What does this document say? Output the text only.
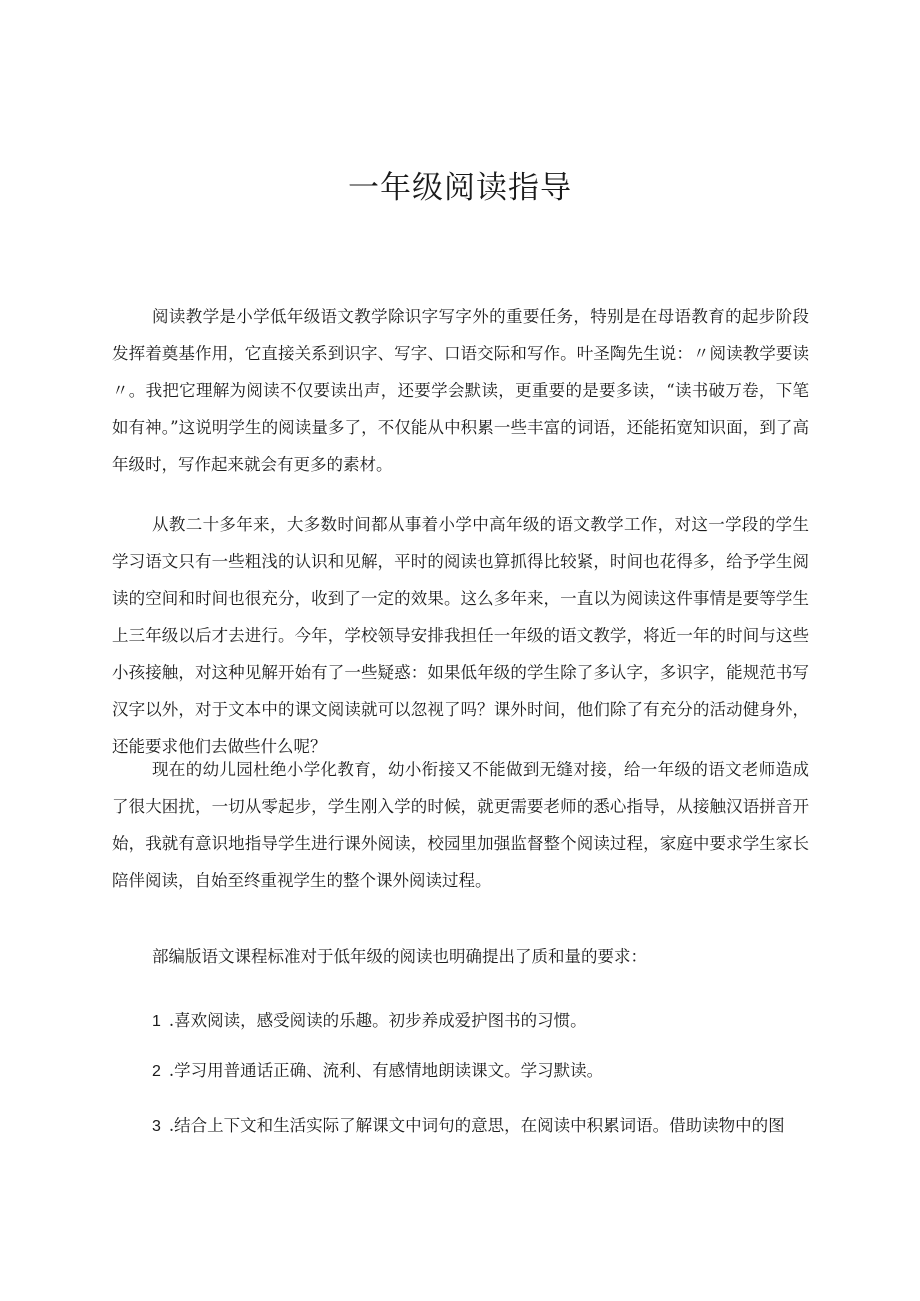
一年级阅读指导

阅读教学是小学低年级语文教学除识字写字外的重要任务，特别是在母语教育的起步阶段发挥着奠基作用，它直接关系到识字、写字、口语交际和写作。叶圣陶先生说：〃阅读教学要读〃。我把它理解为阅读不仅要读出声，还要学会默读，更重要的是要多读，“读书破万卷，下笔如有神。”这说明学生的阅读量多了，不仅能从中积累一些丰富的词语，还能拓宽知识面，到了高年级时，写作起来就会有更多的素材。

从教二十多年来，大多数时间都从事着小学中高年级的语文教学工作，对这一学段的学生学习语文只有一些粗浅的认识和见解，平时的阅读也算抓得比较紧，时间也花得多，给予学生阅读的空间和时间也很充分，收到了一定的效果。这么多年来，一直以为阅读这件事情是要等学生上三年级以后才去进行。今年，学校领导安排我担任一年级的语文教学，将近一年的时间与这些小孩接触，对这种见解开始有了一些疑惑：如果低年级的学生除了多认字，多识字，能规范书写汉字以外，对于文本中的课文阅读就可以忽视了吗？课外时间，他们除了有充分的活动健身外，还能要求他们去做些什么呢？

现在的幼儿园杜绝小学化教育，幼小衔接又不能做到无缝对接，给一年级的语文老师造成了很大困扰，一切从零起步，学生刚入学的时候，就更需要老师的悉心指导，从接触汉语拼音开始，我就有意识地指导学生进行课外阅读，校园里加强监督整个阅读过程，家庭中要求学生家长陪伴阅读，自始至终重视学生的整个课外阅读过程。

部编版语文课程标准对于低年级的阅读也明确提出了质和量的要求：

1 .喜欢阅读，感受阅读的乐趣。初步养成爱护图书的习惯。

2 .学习用普通话正确、流利、有感情地朗读课文。学习默读。

3 .结合上下文和生活实际了解课文中词句的意思，在阅读中积累词语。借助读物中的图
